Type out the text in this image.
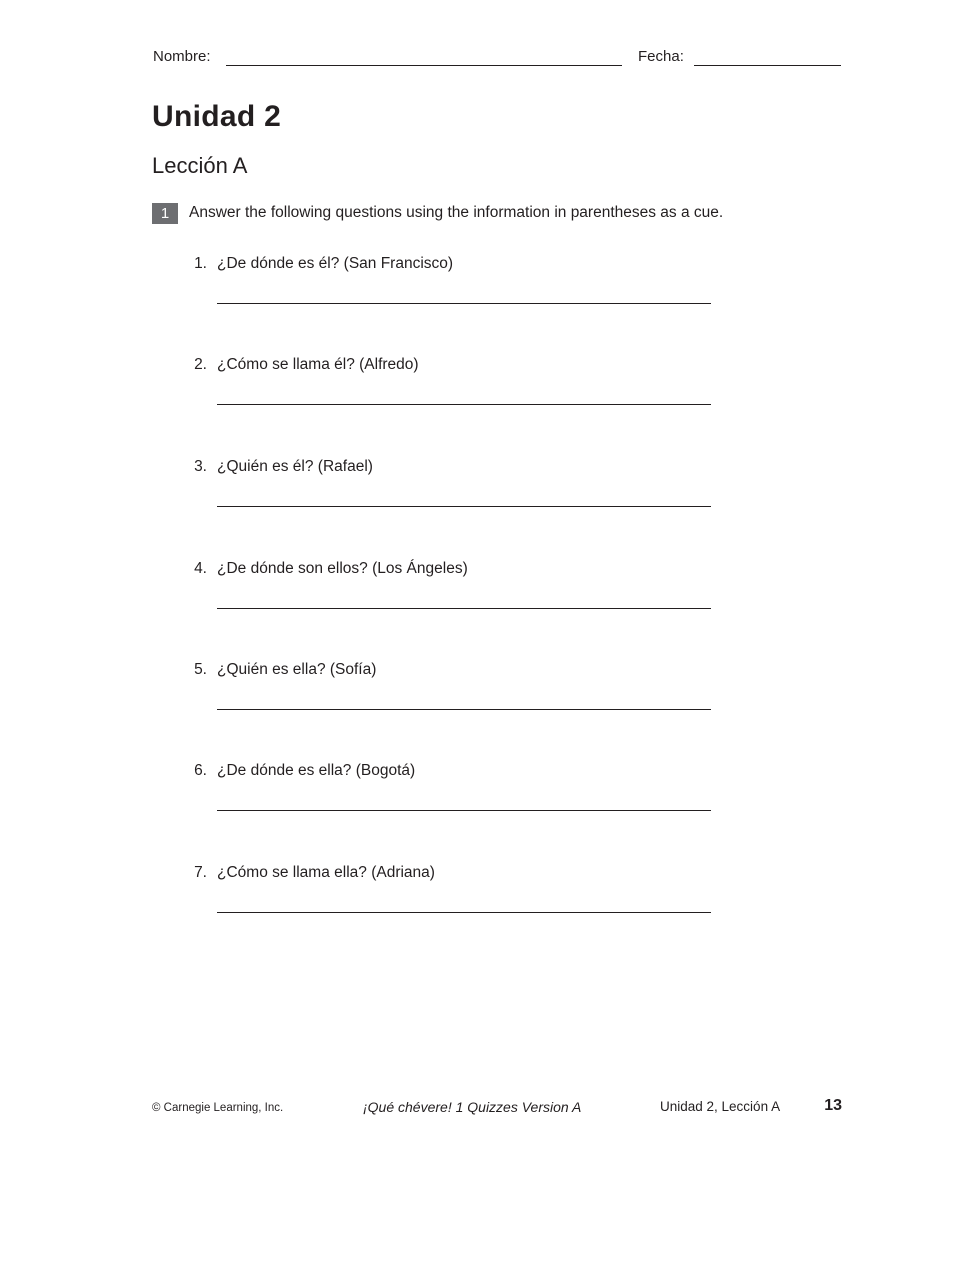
Nombre:	Fecha:
Unidad 2
Lección A
1	Answer the following questions using the information in parentheses as a cue.
1. ¿De dónde es él? (San Francisco)
2. ¿Cómo se llama él? (Alfredo)
3. ¿Quién es él? (Rafael)
4. ¿De dónde son ellos? (Los Ángeles)
5. ¿Quién es ella? (Sofía)
6. ¿De dónde es ella? (Bogotá)
7. ¿Cómo se llama ella? (Adriana)
© Carnegie Learning, Inc.	¡Qué chévere! 1 Quizzes Version A	Unidad 2, Lección A	13
